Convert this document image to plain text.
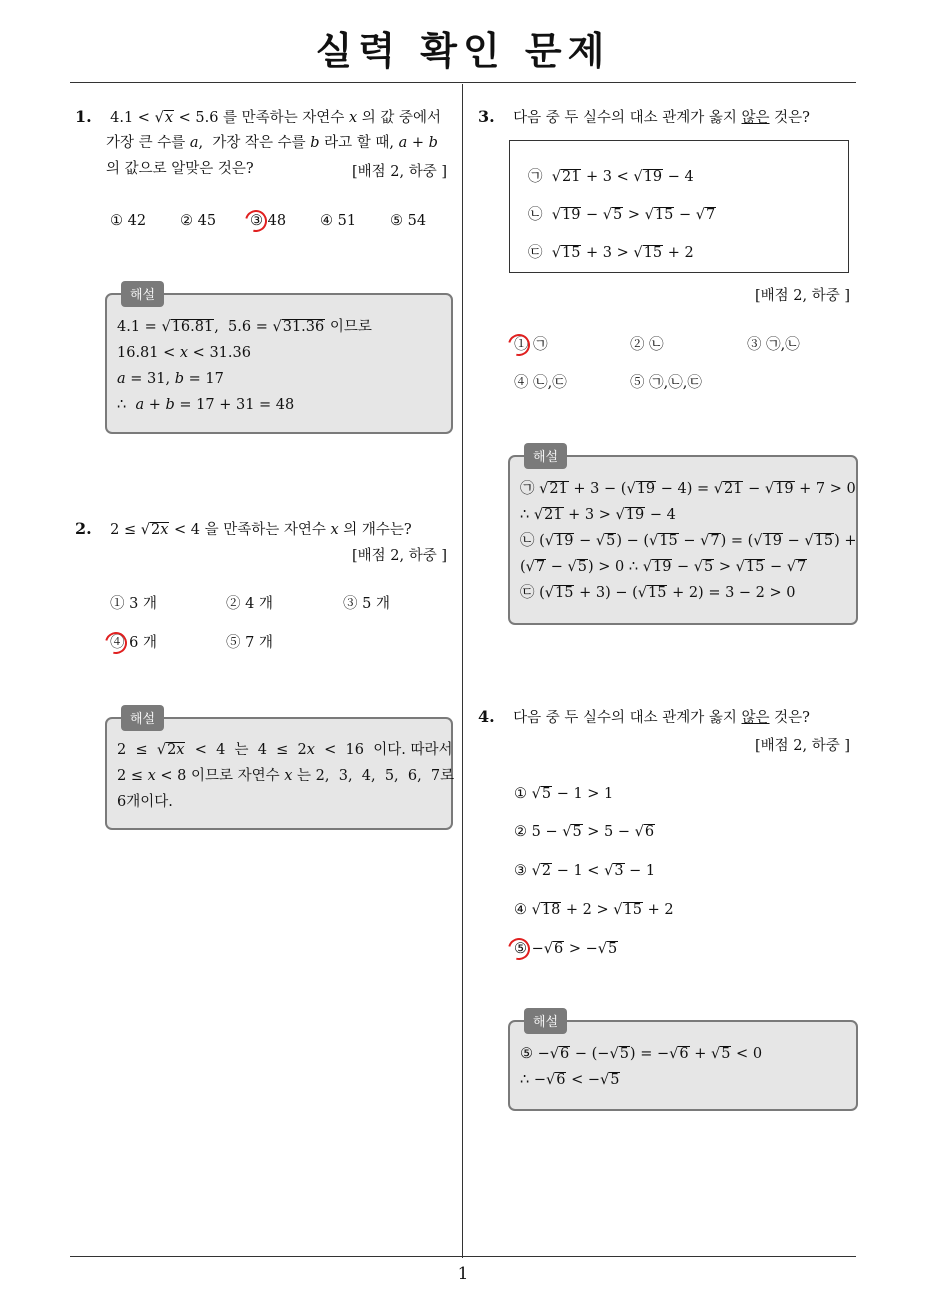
실력 확인 문제
1
1. 4.1 < √x < 5.6 를 만족하는 자연수 x 의 값 중에서
가장 큰 수를 a,  가장 작은 수를 b 라고 할 때, a + b
의 값으로 알맞은 것은?	[배점 2, 하중 ]
① 42 ② 45 ③ 48 ④ 51 ⑤ 54
해설
4.1 = √16.81,  5.6 = √31.36 이므로
16.81 < x < 31.36
a = 31, b = 17
∴  a + b = 17 + 31 = 48
2. 2 ≤ √2x < 4 을 만족하는 자연수 x 의 개수는?
[배점 2, 하중 ]
① 3 개	② 4 개	③ 5 개
④ 6 개	⑤ 7 개
해설
2  ≤  √2x  <  4  는  4  ≤  2x  <  16  이다. 따라서
2 ≤ x < 8 이므로 자연수 x 는 2,  3,  4,  5,  6,  7로
6개이다.
3. 다음 중 두 실수의 대소 관계가 옳지 않은 것은?
㉠  √21 + 3 < √19 − 4
㉡  √19 − √5 > √15 − √7
㉢  √15 + 3 > √15 + 2
[배점 2, 하중 ]
① ㉠	② ㉡	③ ㉠,㉡
④ ㉡,㉢	⑤ ㉠,㉡,㉢
해설
㉠ √21 + 3 − (√19 − 4) = √21 − √19 + 7 > 0
∴ √21 + 3 > √19 − 4
㉡ (√19 − √5) − (√15 − √7) = (√19 − √15) +
(√7 − √5) > 0 ∴ √19 − √5 > √15 − √7
㉢ (√15 + 3) − (√15 + 2) = 3 − 2 > 0
4. 다음 중 두 실수의 대소 관계가 옳지 않은 것은?
[배점 2, 하중 ]
① √5 − 1 > 1
② 5 − √5 > 5 − √6
③ √2 − 1 < √3 − 1
④ √18 + 2 > √15 + 2
⑤ −√6 > −√5
해설
⑤ −√6 − (−√5) = −√6 + √5 < 0
∴ −√6 < −√5
